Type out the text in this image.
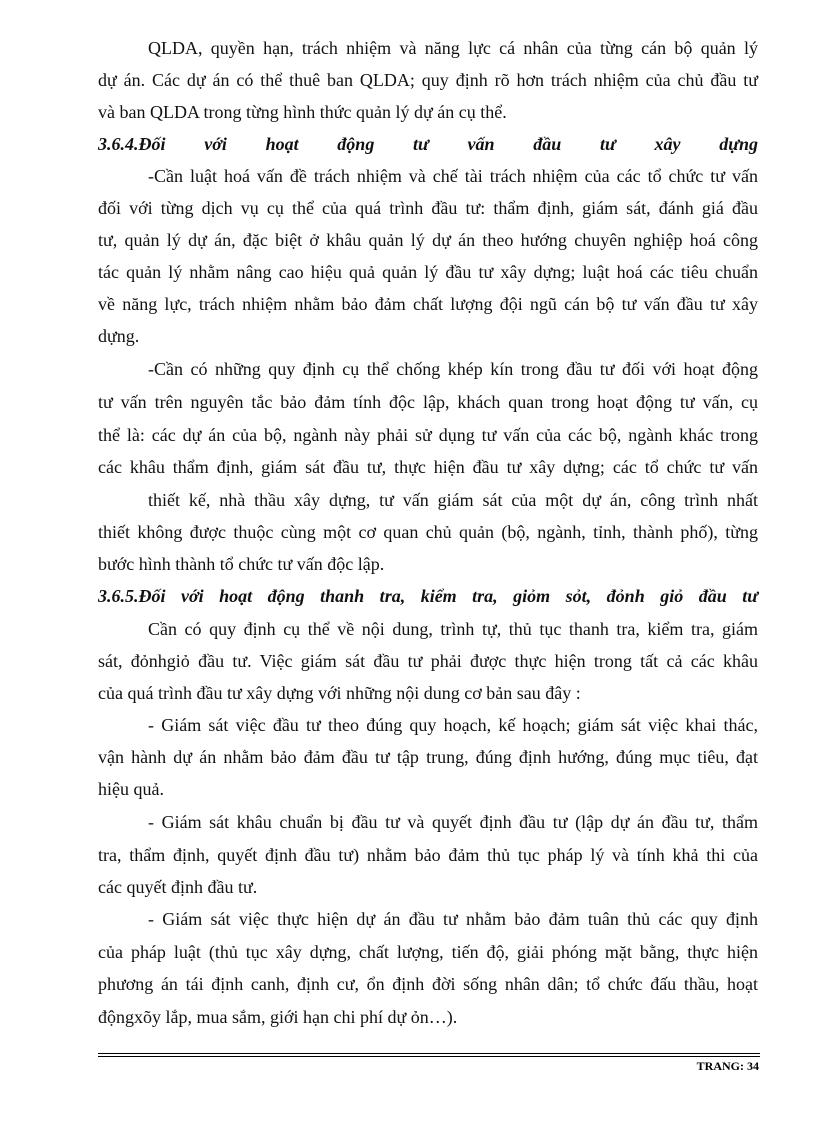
QLDA, quyền hạn, trách nhiệm và năng lực cá nhân của từng cán bộ quản lý
dự án. Các dự án có thể thuê ban QLDA; quy định rõ hơn trách nhiệm của chủ đầu tư
và ban QLDA trong từng hình thức quản lý dự án cụ thể.
3.6.4.Đối với hoạt động tư vấn đầu tư xây dựng
-Cần luật hoá vấn đề trách nhiệm và chế tài trách nhiệm của các tổ chức tư vấn
đối với từng dịch vụ cụ thể của quá trình đầu tư: thẩm định, giám sát, đánh giá đầu
tư, quản lý dự án, đặc biệt ở khâu quản lý dự án theo hướng chuyên nghiệp hoá công
tác quản lý nhằm nâng cao hiệu quả quản lý đầu tư xây dựng; luật hoá các tiêu chuẩn
về năng lực, trách nhiệm nhằm bảo đảm chất lượng đội ngũ cán bộ tư vấn đầu tư xây
dựng.
-Cần có những quy định cụ thể chống khép kín trong đầu tư đối với hoạt động
tư vấn trên nguyên tắc bảo đảm tính độc lập, khách quan trong hoạt động tư vấn, cụ
thể là: các dự án của bộ, ngành này phải sử dụng tư vấn của các bộ, ngành khác trong
các khâu thẩm định, giám sát đầu tư, thực hiện đầu tư xây dựng; các tổ chức tư vấn
thiết kế, nhà thầu xây dựng, tư vấn giám sát của một dự án, công trình nhất
thiết không được thuộc cùng một cơ quan chủ quản (bộ, ngành, tỉnh, thành phố), từng
bước hình thành tổ chức tư vấn độc lập.
3.6.5.Đối với hoạt động thanh tra, kiểm tra, giỏm sỏt, đỏnh giỏ đầu tư
Cần có quy định cụ thể về nội dung, trình tự, thủ tục thanh tra, kiểm tra, giám
sát, đỏnhgiỏ đầu tư. Việc giám sát đầu tư phải được thực hiện trong tất cả các khâu
của quá trình đầu tư xây dựng với những nội dung cơ bản sau đây :
- Giám sát việc đầu tư theo đúng quy hoạch, kế hoạch; giám sát việc khai thác,
vận hành dự án nhằm bảo đảm đầu tư tập trung, đúng định hướng, đúng mục tiêu, đạt
hiệu quả.
- Giám sát khâu chuẩn bị đầu tư và quyết định đầu tư (lập dự án đầu tư, thẩm
tra, thẩm định, quyết định đầu tư) nhằm bảo đảm thủ tục pháp lý và tính khả thi của
các quyết định đầu tư.
- Giám sát việc thực hiện dự án đầu tư nhằm bảo đảm tuân thủ các quy định
của pháp luật (thủ tục xây dựng, chất lượng, tiến độ, giải phóng mặt bằng, thực hiện
phương án tái định canh, định cư, ổn định đời sống nhân dân; tổ chức đấu thầu, hoạt
độngxõy lắp, mua sắm, giới hạn chi phí dự ỏn…).
TRANG: 34
